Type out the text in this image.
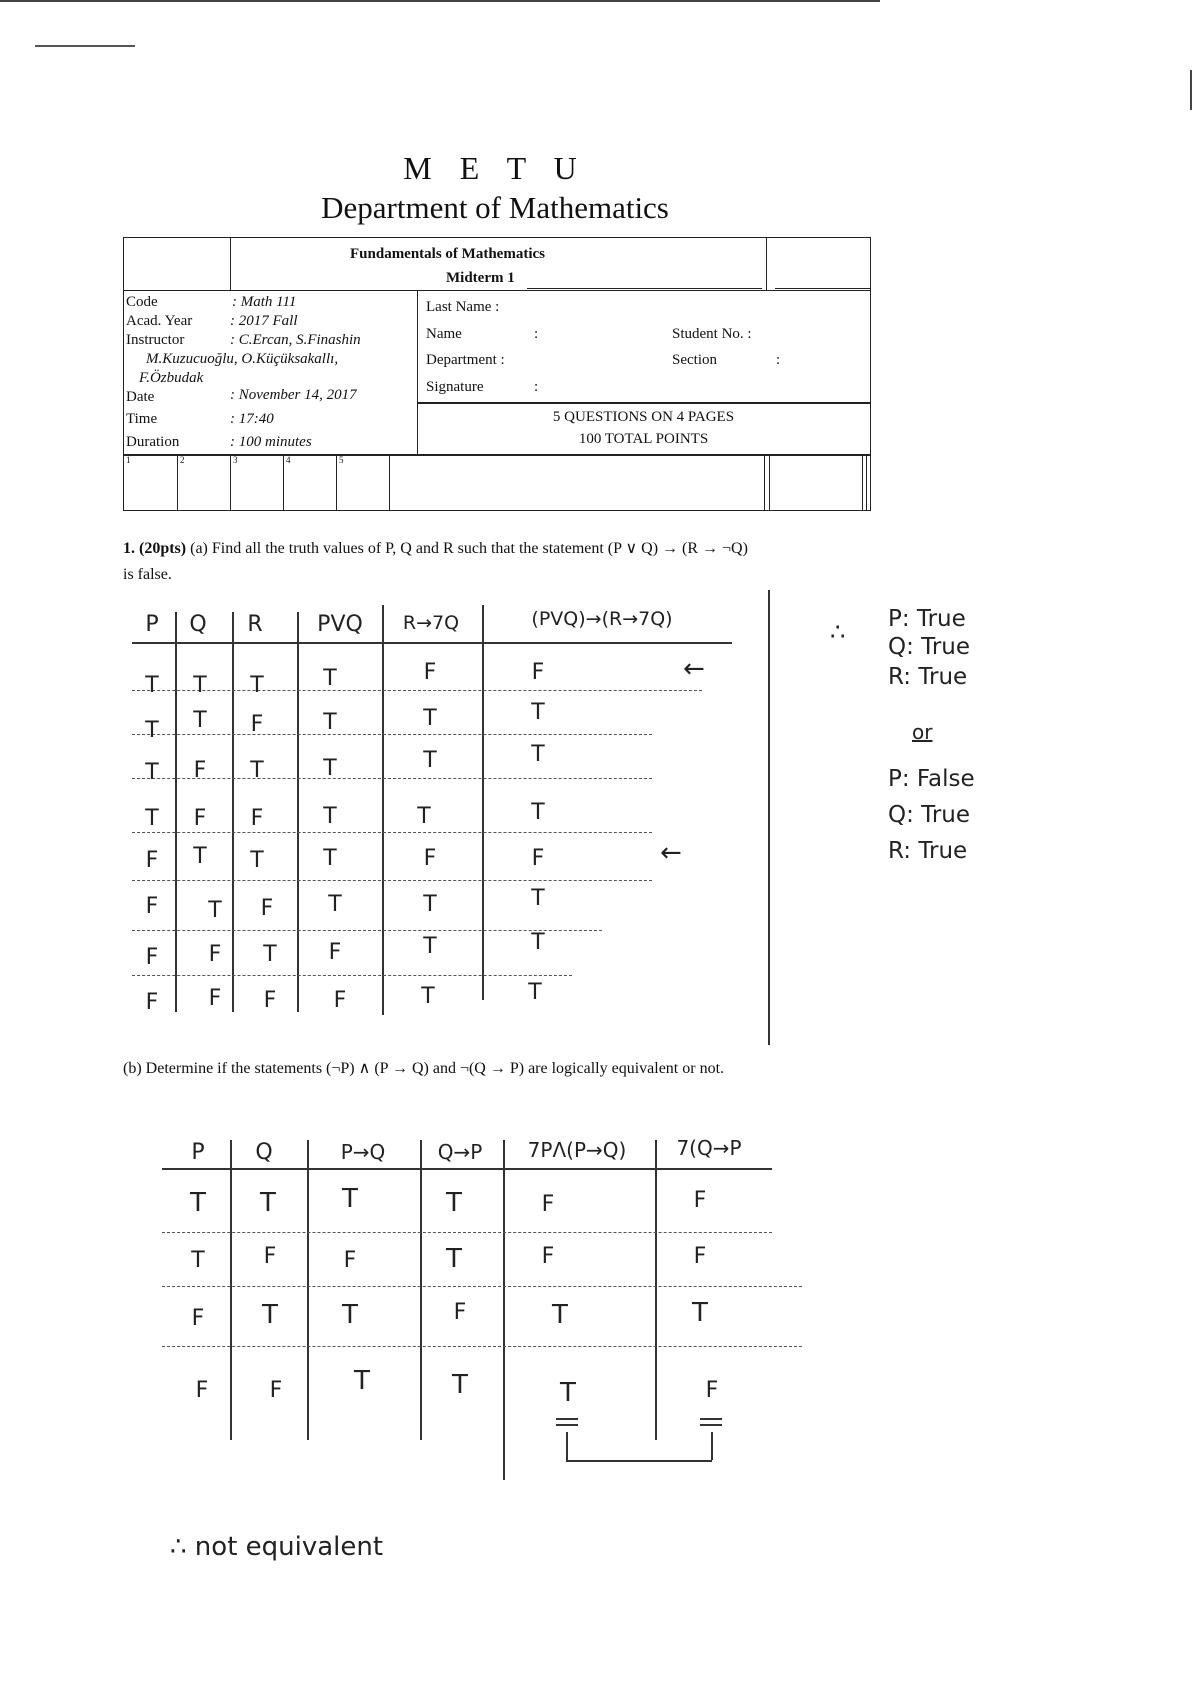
M E T U
Department of Mathematics
1	2	3	4	5
Fundamentals of Mathematics
Midterm 1
Code	: Math 111
Acad. Year	: 2017 Fall
Instructor	: C.Ercan, S.Finashin
M.Kuzucuoğlu, O.Küçüksakallı,
F.Özbudak
Date	: November 14, 2017
Time	: 17:40
Duration	: 100 minutes
Last Name :
Name	:	Student No. :
Department :	Section	:
Signature	:
5 QUESTIONS ON 4 PAGES
100 TOTAL POINTS
1. (20pts) (a) Find all the truth values of P, Q and R such that the statement (P ∨ Q) → (R → ¬Q)
is false.
P	Q	R	PVQ	R→7Q	(PVQ)→(R→7Q)
T	T	T	T	F	F	←
T	T	F	T	T	T
T	F	T	T	T	T
T	F	F	T	T	T
F	T	T	T	F	F	←
F	T	F	T	T	T
F	F	T	F	T	T
F	F	F	F	T	T
∴ P: True
Q: True
R: True
or
P: False
Q: True
R: True
(b) Determine if the statements (¬P) ∧ (P → Q) and ¬(Q → P) are logically equivalent or not.
P	Q	P→Q	Q→P	7PΛ(P→Q)	7(Q→P
T	T	T	T	F	F
T	F	F	T	F	F
F	T	T	F	T	T
F	F	T	T	T	F
∴ not equivalent
